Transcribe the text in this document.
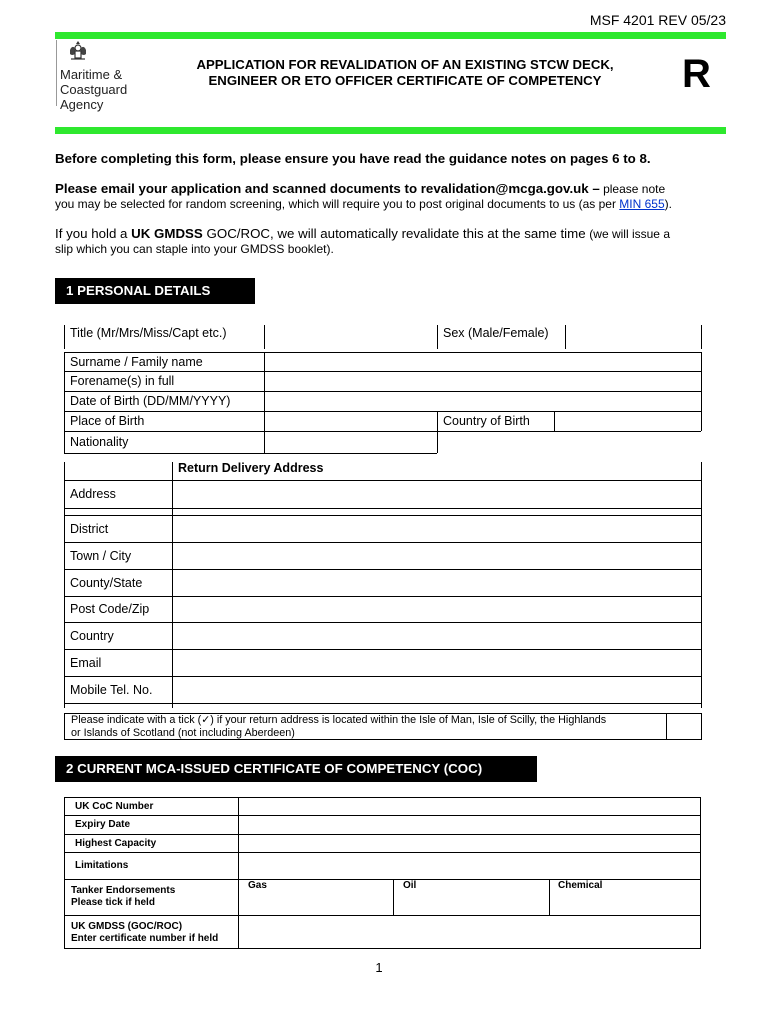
MSF 4201 REV 05/23
Maritime &
Coastguard
Agency
APPLICATION FOR REVALIDATION OF AN EXISTING STCW DECK,
ENGINEER OR ETO OFFICER CERTIFICATE OF COMPETENCY	R
Before completing this form, please ensure you have read the guidance notes on pages 6 to 8.
Please email your application and scanned documents to revalidation@mcga.gov.uk – please note
you may be selected for random screening, which will require you to post original documents to us (as per MIN 655).
If you hold a UK GMDSS GOC/ROC, we will automatically revalidate this at the same time (we will issue a
slip which you can staple into your GMDSS booklet).
1 PERSONAL DETAILS
Title (Mr/Mrs/Miss/Capt etc.)	Sex (Male/Female)
Surname / Family name
Forename(s) in full
Date of Birth (DD/MM/YYYY)
Place of Birth	Country of Birth
Nationality
Return Delivery Address
Address
District
Town / City
County/State
Post Code/Zip
Country
Email
Mobile Tel. No.
Please indicate with a tick (✓) if your return address is located within the Isle of Man, Isle of Scilly, the Highlands
or Islands of Scotland (not including Aberdeen)
2 CURRENT MCA-ISSUED CERTIFICATE OF COMPETENCY (COC)
UK CoC Number
Expiry Date
Highest Capacity
Limitations
Tanker Endorsements
Please tick if held
Gas	Oil	Chemical
UK GMDSS (GOC/ROC)
Enter certificate number if held
1
